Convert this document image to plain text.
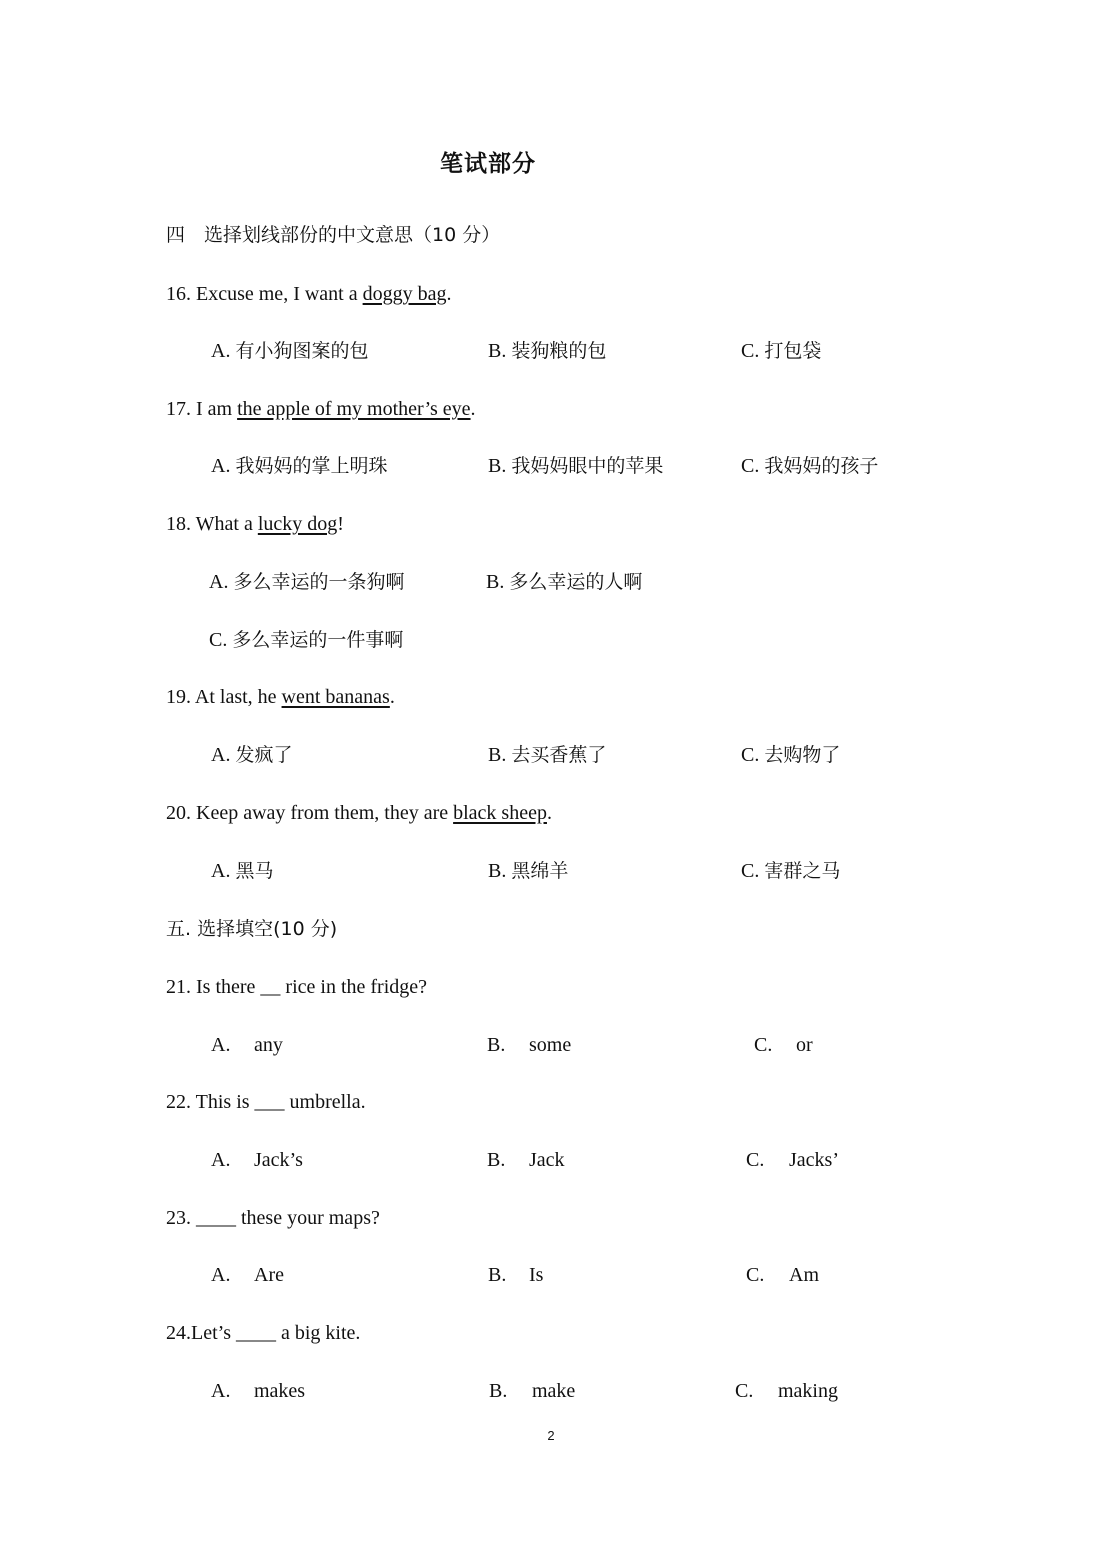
笔试部分
四　选择划线部份的中文意思（10 分）
16. Excuse me, I want a doggy bag.
A. 有小狗图案的包	B. 装狗粮的包	C. 打包袋
17. I am the apple of my mother’s eye.
A. 我妈妈的掌上明珠	B. 我妈妈眼中的苹果	C. 我妈妈的孩子
18. What a lucky dog!
A. 多么幸运的一条狗啊	B. 多么幸运的人啊
C. 多么幸运的一件事啊
19. At last, he went bananas.
A. 发疯了	B. 去买香蕉了	C. 去购物了
20. Keep away from them, they are black sheep.
A. 黑马	B. 黑绵羊	C. 害群之马
五. 选择填空(10 分)
21. Is there __ rice in the fridge?
A. any	B. some	C. or
22. This is ___ umbrella.
A. Jack’s	B. Jack	C. Jacks’
23. ____ these your maps?
A. Are	B. Is	C. Am
24.Let’s ____ a big kite.
A. makes	B. make	C. making
2
